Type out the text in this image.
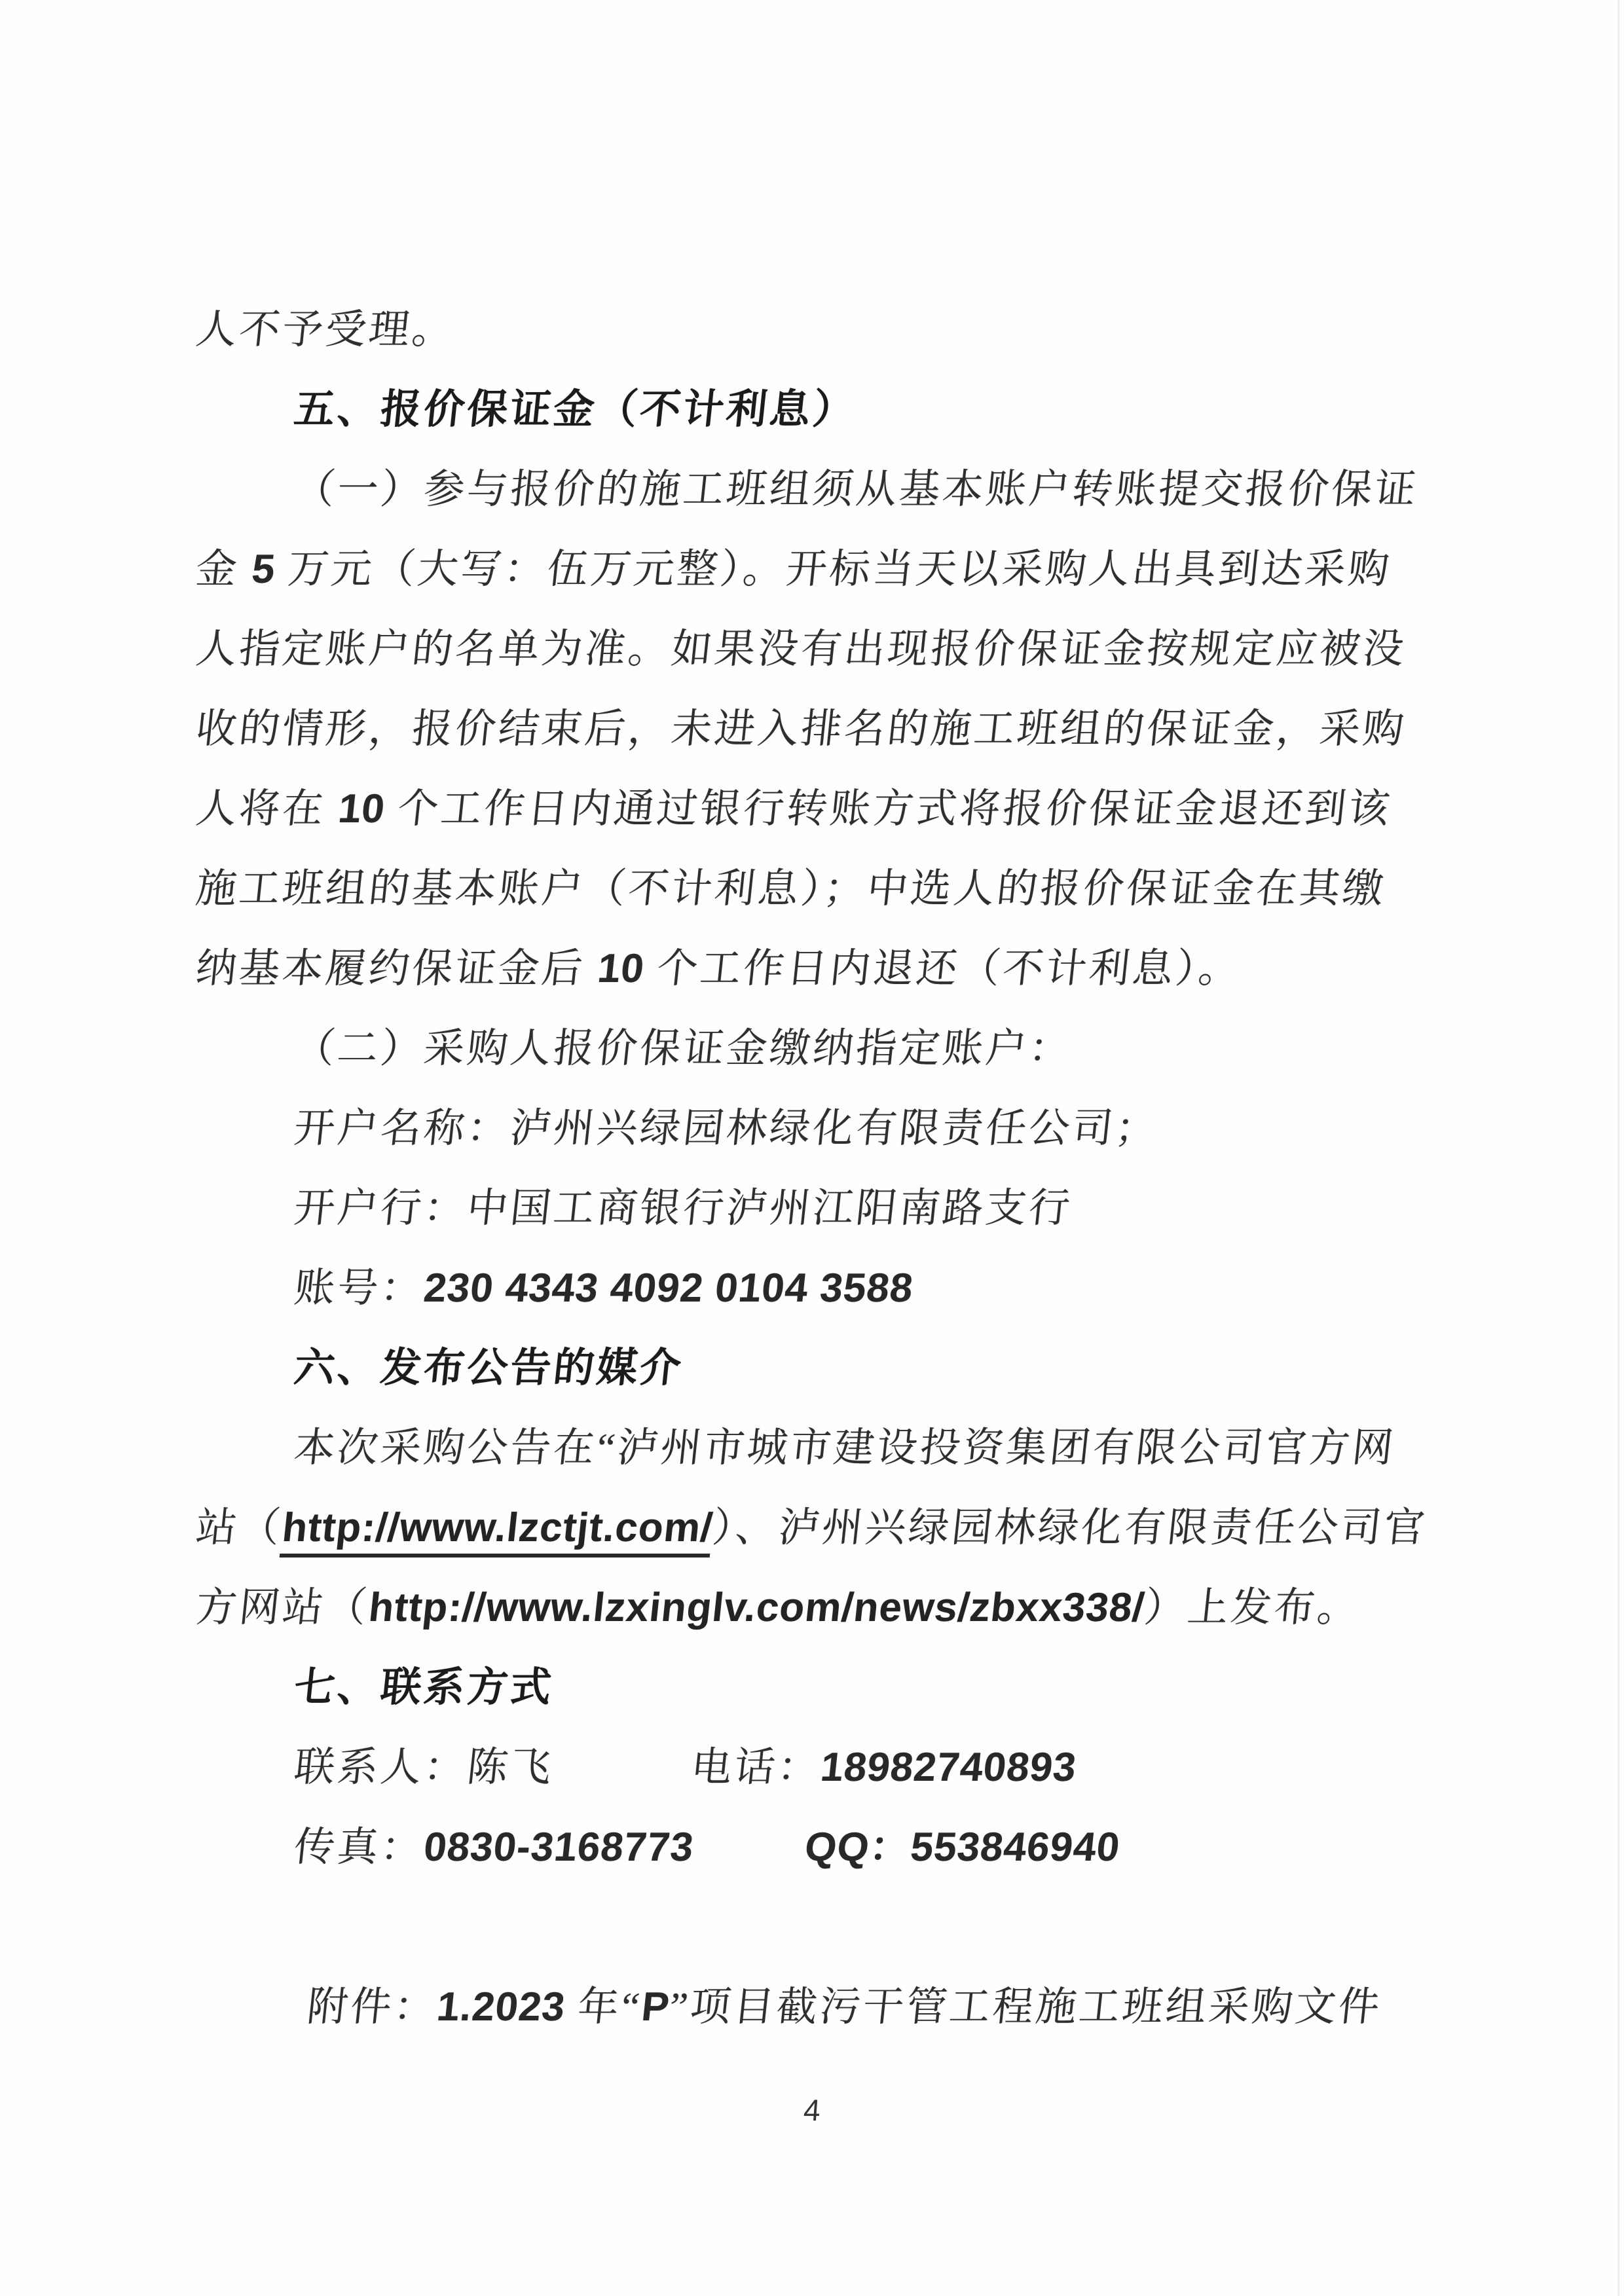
人不予受理。
五、报价保证金（不计利息）
（一）参与报价的施工班组须从基本账户转账提交报价保证
金 5 万元（大写：伍万元整）。开标当天以采购人出具到达采购
人指定账户的名单为准。如果没有出现报价保证金按规定应被没
收的情形，报价结束后，未进入排名的施工班组的保证金，采购
人将在 10 个工作日内通过银行转账方式将报价保证金退还到该
施工班组的基本账户（不计利息）；中选人的报价保证金在其缴
纳基本履约保证金后 10 个工作日内退还（不计利息）。
（二）采购人报价保证金缴纳指定账户：
开户名称：泸州兴绿园林绿化有限责任公司；
开户行：中国工商银行泸州江阳南路支行
账号：230 4343 4092 0104 3588
六、发布公告的媒介
本次采购公告在“泸州市城市建设投资集团有限公司官方网
站（http://www.lzctjt.com/）、泸州兴绿园林绿化有限责任公司官
方网站（http://www.lzxinglv.com/news/zbxx338/）上发布。
七、联系方式
联系人：陈飞	电话：18982740893
传真：0830-3168773	QQ：553846940
附件：1.2023 年“P”项目截污干管工程施工班组采购文件
4
